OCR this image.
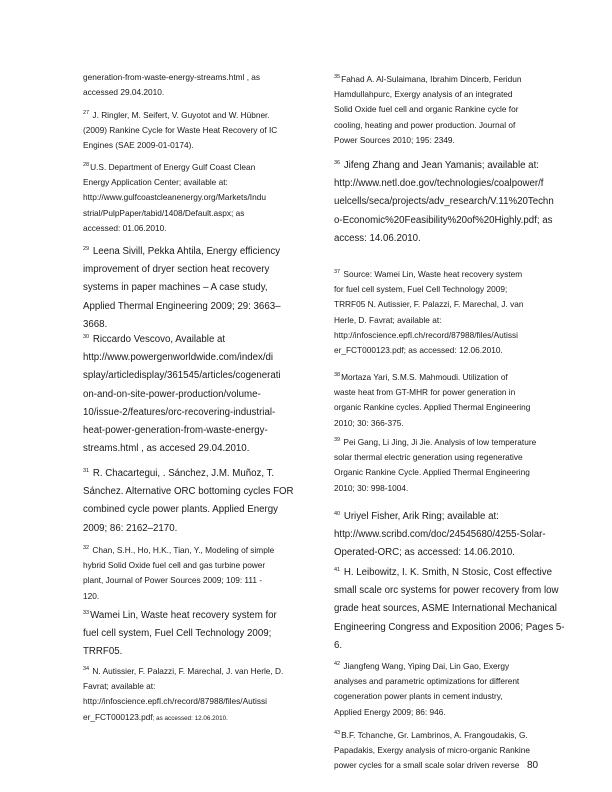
generation-from-waste-energy-streams.html , as
accessed 29.04.2010.
$^{27}$ J. Ringler, M. Seifert, V. Guyotot and W. Hübner.
(2009) Rankine Cycle for Waste Heat Recovery of IC
Engines (SAE 2009-01-0174).
$^{28}$U.S. Department of Energy Gulf Coast Clean
Energy Application Center; available at:
http://www.gulfcoastcleanenergy.org/Markets/Indu
strial/PulpPaper/tabid/1408/Default.aspx; as
accessed: 01.06.2010.
$^{29}$ Leena Sivill, Pekka Ahtila, Energy efficiency
improvement of dryer section heat recovery
systems in paper machines – A case study,
Applied Thermal Engineering 2009; 29: 3663–
3668.
$^{30}$ Riccardo Vescovo, Available at
http://www.powergenworldwide.com/index/di
splay/articledisplay/361545/articles/cogenerati
on-and-on-site-power-production/volume-
10/issue-2/features/orc-recovering-industrial-
heat-power-generation-from-waste-energy-
streams.html , as accesed 29.04.2010.
$^{31}$ R. Chacartegui, . Sánchez, J.M. Muñoz, T.
Sánchez. Alternative ORC bottoming cycles FOR
combined cycle power plants. Applied Energy
2009; 86: 2162–2170.
$^{32}$ Chan, S.H., Ho, H.K., Tian, Y., Modeling of simple
hybrid Solid Oxide fuel cell and gas turbine power
plant, Journal of Power Sources 2009; 109: 111 -
120.
$^{33}$Wamei Lin, Waste heat recovery system for
fuel cell system, Fuel Cell Technology 2009;
TRRF05.
$^{34}$ N. Autissier, F. Palazzi, F. Marechal, J. van Herle, D.
Favrat; available at:
http://infoscience.epfl.ch/record/87988/files/Autissi
er_FCT000123.pdf; as accessed: 12.06.2010.
$^{35}$Fahad A. Al-Sulaimana, Ibrahim Dincerb, Feridun
Hamdullahpurc, Exergy analysis of an integrated
Solid Oxide fuel cell and organic Rankine cycle for
cooling, heating and power production. Journal of
Power Sources 2010; 195: 2349.
$^{36}$ Jifeng Zhang and Jean Yamanis; available at:
http://www.netl.doe.gov/technologies/coalpower/f
uelcells/seca/projects/adv_research/V.11%20Techn
o-Economic%20Feasibility%20of%20Highly.pdf; as
access: 14.06.2010.
$^{37}$ Source: Wamei Lin, Waste heat recovery system
for fuel cell system, Fuel Cell Technology 2009;
TRRF05 N. Autissier, F. Palazzi, F. Marechal, J. van
Herle, D. Favrat; available at:
http://infoscience.epfl.ch/record/87988/files/Autissi
er_FCT000123.pdf; as accessed: 12.06.2010.
$^{38}$Mortaza Yari, S.M.S. Mahmoudi. Utilization of
waste heat from GT-MHR for power generation in
organic Rankine cycles. Applied Thermal Engineering
2010; 30: 366-375.
$^{39}$ Pei Gang, Li Jing, Ji Jie. Analysis of low temperature
solar thermal electric generation using regenerative
Organic Rankine Cycle. Applied Thermal Engineering
2010; 30: 998-1004.
$^{40}$ Uriyel Fisher, Arik Ring; available at:
http://www.scribd.com/doc/24545680/4255-Solar-
Operated-ORC; as accessed: 14.06.2010.
$^{41}$ H. Leibowitz, I. K. Smith, N Stosic, Cost effective
small scale orc systems for power recovery from low
grade heat sources, ASME International Mechanical
Engineering Congress and Exposition 2006; Pages 5-
6.
$^{42}$ Jiangfeng Wang, Yiping Dai, Lin Gao, Exergy
analyses and parametric optimizations for different
cogeneration power plants in cement industry,
Applied Energy 2009; 86: 946.
$^{43}$B.F. Tchanche, Gr. Lambrinos, A. Frangoudakis, G.
Papadakis, Exergy analysis of micro-organic Rankine
power cycles for a small scale solar driven reverse 80
